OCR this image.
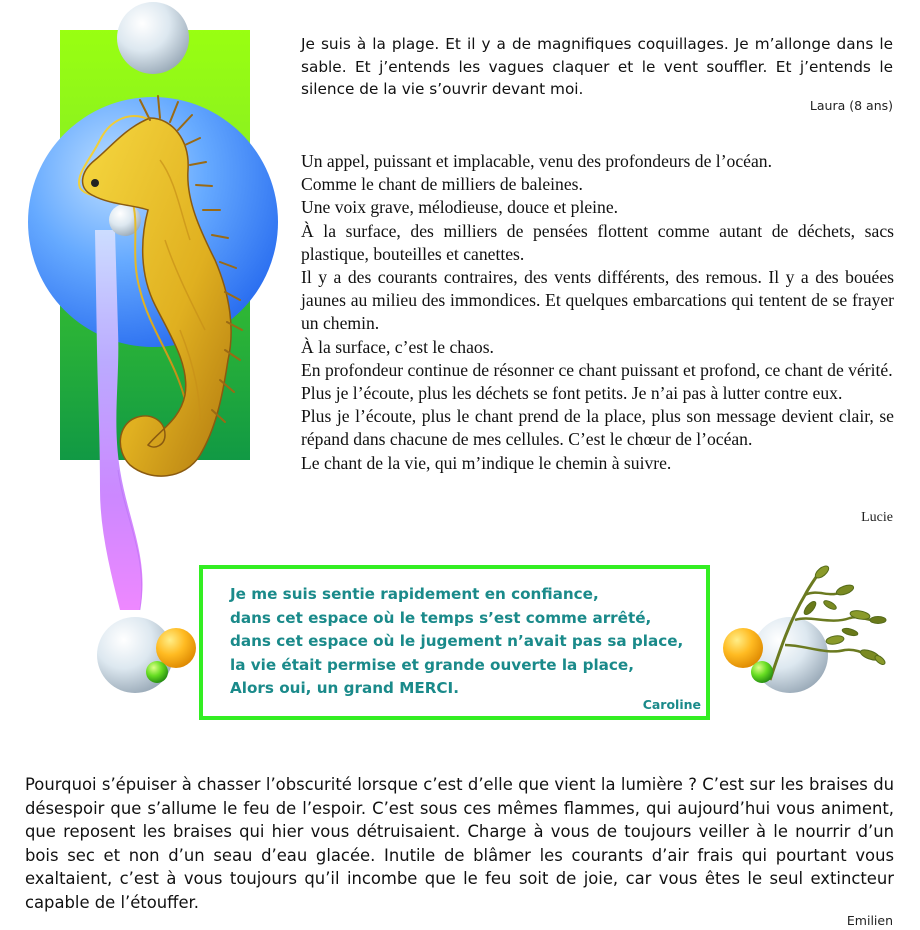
Je suis à la plage. Et il y a de magnifiques coquillages. Je m’allonge dans le sable. Et j’entends les vagues claquer et le vent souffler. Et j’entends le silence de la vie s’ouvrir devant moi.
Laura (8 ans)

Un appel, puissant et implacable, venu des profondeurs de l’océan.

Comme le chant de milliers de baleines.

Une voix grave, mélodieuse, douce et pleine.

À la surface, des milliers de pensées flottent comme autant de déchets, sacs plastique, bouteilles et canettes.

Il y a des courants contraires, des vents différents, des remous. Il y a des bouées jaunes au milieu des immondices. Et quelques embarcations qui tentent de se frayer un chemin.

À la surface, c’est le chaos.

En profondeur continue de résonner ce chant puissant et profond, ce chant de vérité.

Plus je l’écoute, plus les déchets se font petits. Je n’ai pas à lutter contre eux.

Plus je l’écoute, plus le chant prend de la place, plus son message devient clair, se répand dans chacune de mes cellules. C’est le chœur de l’océan.

Le chant de la vie, qui m’indique le chemin à suivre.

Lucie
Je me suis sentie rapidement en confiance,
dans cet espace où le temps s’est comme arrêté,
dans cet espace où le jugement n’avait pas sa place,
la vie était permise et grande ouverte la place,
Alors oui, un grand MERCI.
Caroline
Pourquoi s’épuiser à chasser l’obscurité lorsque c’est d’elle que vient la lumière ? C’est sur les braises du désespoir que s’allume le feu de l’espoir. C’est sous ces mêmes flammes, qui aujourd’hui vous animent, que reposent les braises qui hier vous détruisaient. Charge à vous de toujours veiller à le nourrir d’un bois sec et non d’un seau d’eau glacée. Inutile de blâmer les courants d’air frais qui pourtant vous exaltaient, c’est à vous toujours qu’il incombe que le feu soit de joie, car vous êtes le seul extincteur capable de l’étouffer.
Emilien
